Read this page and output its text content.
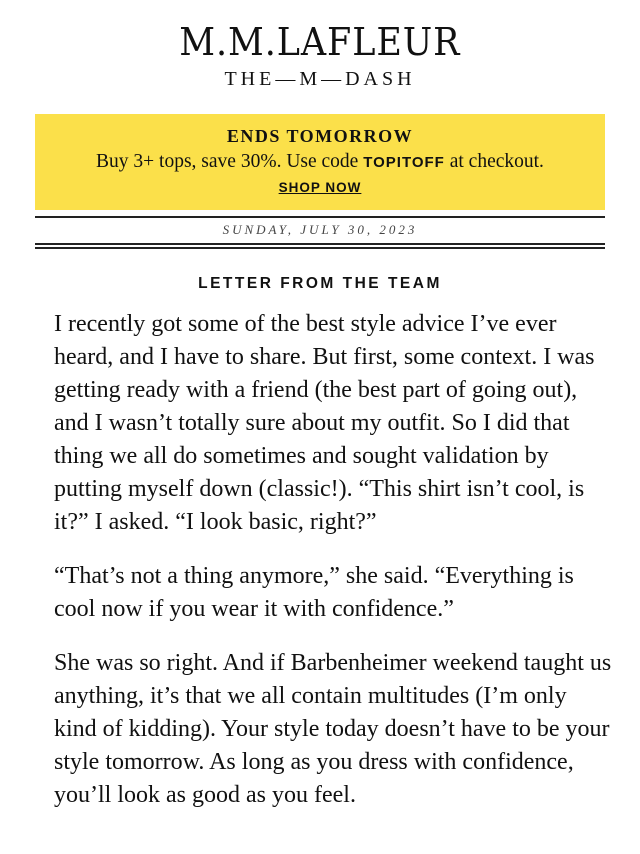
M.M.LAFLEUR
THE—M—DASH
ENDS TOMORROW
Buy 3+ tops, save 30%. Use code TOPITOFF at checkout.
SHOP NOW
SUNDAY, JULY 30, 2023
LETTER FROM THE TEAM

I recently got some of the best style advice I’ve ever heard, and I have to share. But first, some context. I was getting ready with a friend (the best part of going out), and I wasn’t totally sure about my outfit. So I did that thing we all do sometimes and sought validation by putting myself down (classic!). “This shirt isn’t cool, is it?” I asked. “I look basic, right?”

“That’s not a thing anymore,” she said. “Everything is cool now if you wear it with confidence.”

She was so right. And if Barbenheimer weekend taught us anything, it’s that we all contain multitudes (I’m only kind of kidding). Your style today doesn’t have to be your style tomorrow. As long as you dress with confidence, you’ll look as good as you feel.
